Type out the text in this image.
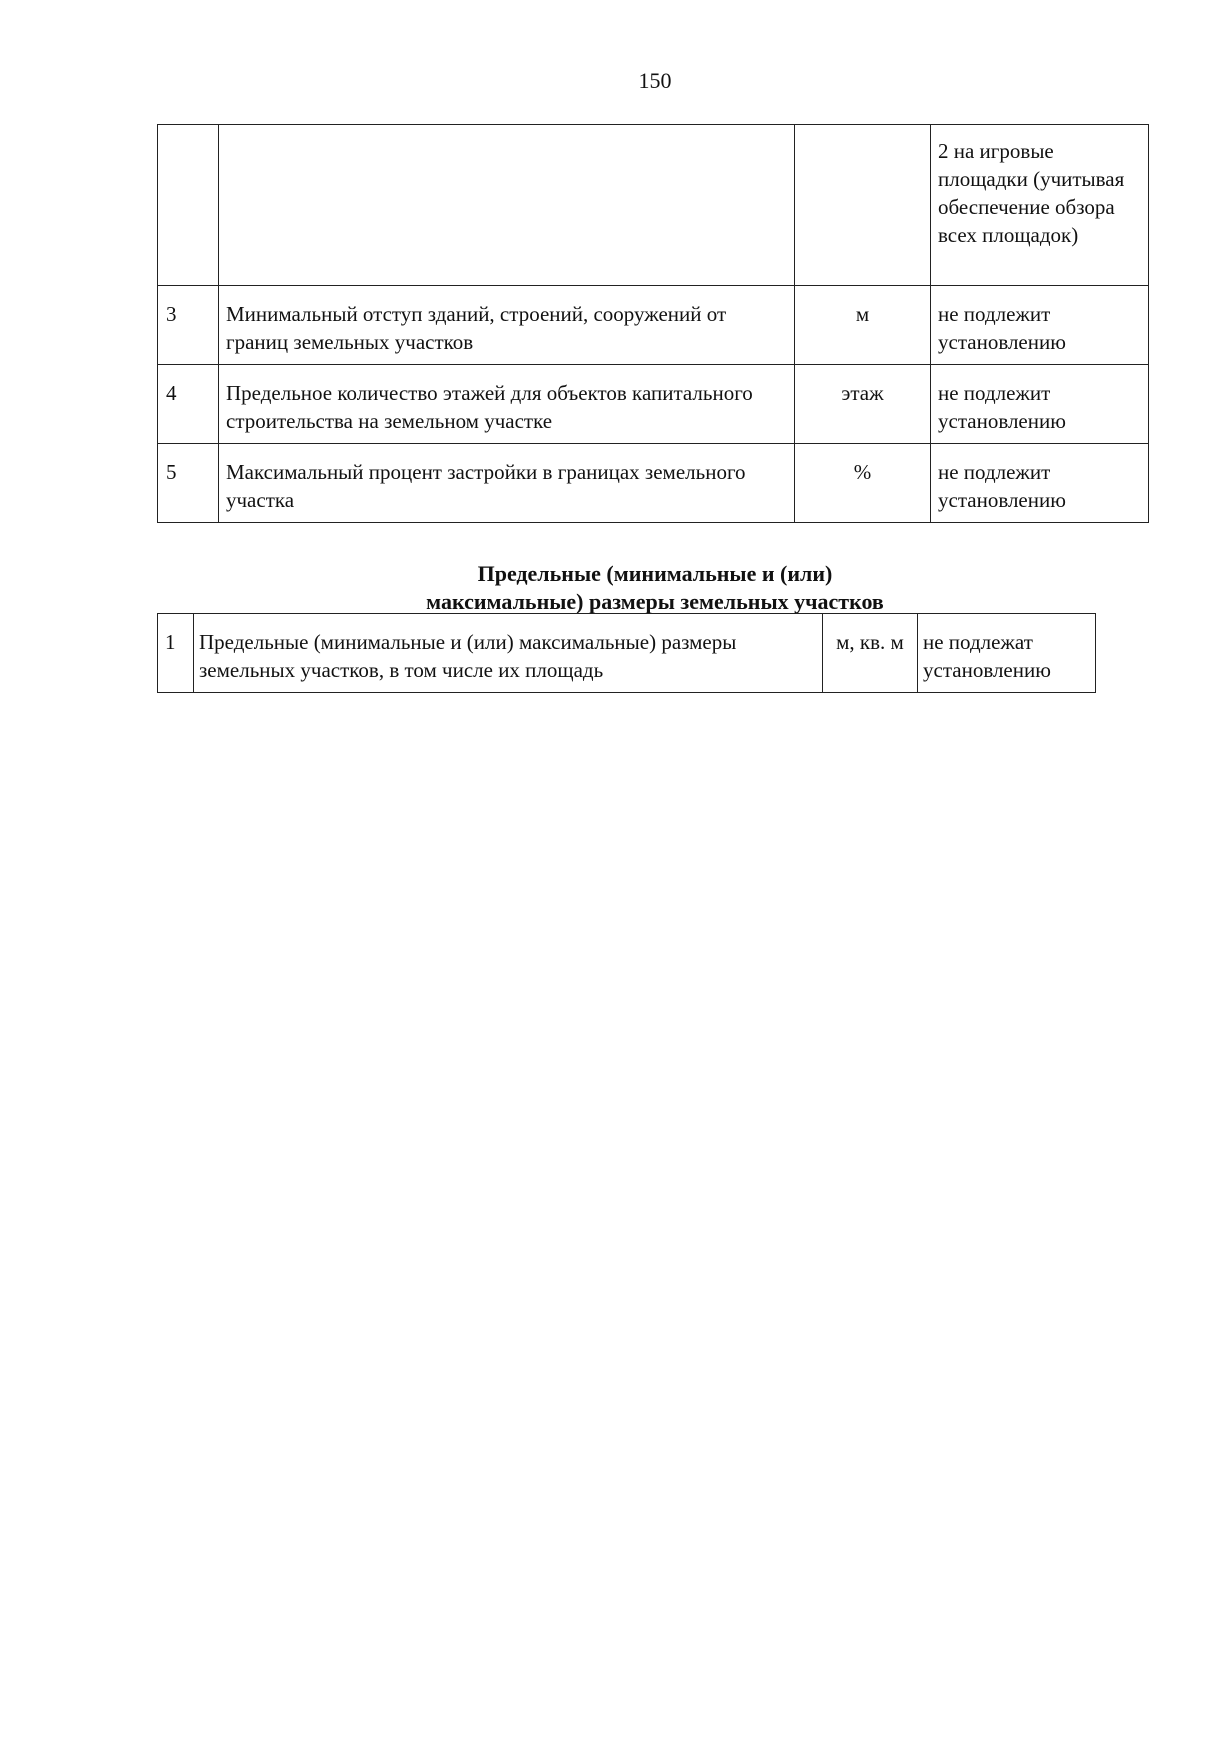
150
			2 на игровые площадки (учитывая обеспечение обзора всех площадок)
3	Минимальный отступ зданий, строений, сооружений от границ земельных участков	м	не подлежит установлению
4	Предельное количество этажей для объектов капитального строительства на земельном участке	этаж	не подлежит установлению
5	Максимальный процент застройки в границах земельного участка	%	не подлежит установлению
Предельные (минимальные и (или)
максимальные) размеры земельных участков
1	Предельные (минимальные и (или) максимальные) размеры земельных участков, в том числе их площадь	м, кв. м	не подлежат установлению
